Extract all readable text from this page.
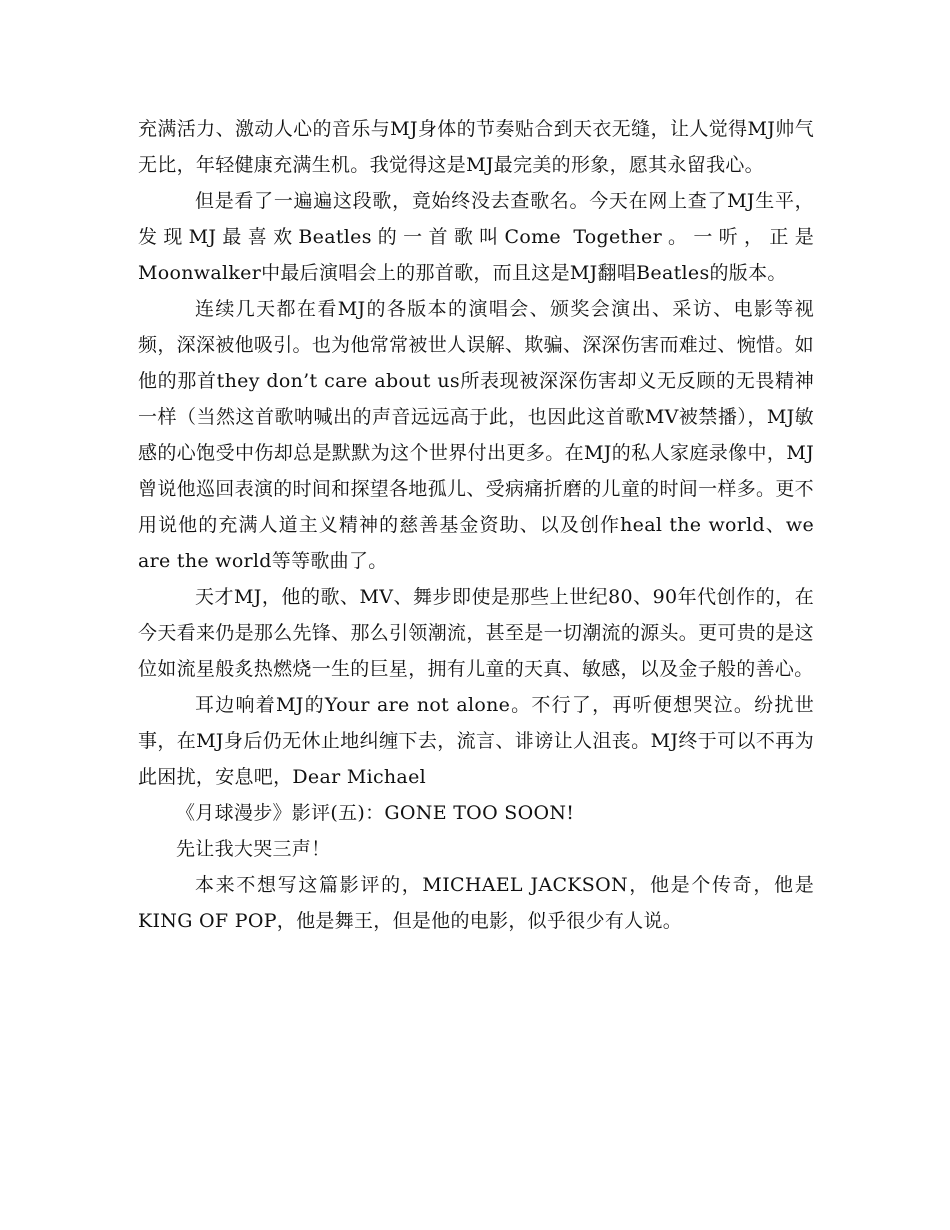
充满活力、激动人心的音乐与MJ身体的节奏贴合到天衣无缝，让人觉得MJ帅气无比，年轻健康充满生机。我觉得这是MJ最完美的形象，愿其永留我心。

但是看了一遍遍这段歌，竟始终没去查歌名。今天在网上查了MJ生平，发现MJ最喜欢Beatles的一首歌叫Come Together。一听，正是Moonwalker中最后演唱会上的那首歌，而且这是MJ翻唱Beatles的版本。

连续几天都在看MJ的各版本的演唱会、颁奖会演出、采访、电影等视频，深深被他吸引。也为他常常被世人误解、欺骗、深深伤害而难过、惋惜。如他的那首they don’t care about us所表现被深深伤害却义无反顾的无畏精神一样（当然这首歌呐喊出的声音远远高于此，也因此这首歌MV被禁播），MJ敏感的心饱受中伤却总是默默为这个世界付出更多。在MJ的私人家庭录像中，MJ曾说他巡回表演的时间和探望各地孤儿、受病痛折磨的儿童的时间一样多。更不用说他的充满人道主义精神的慈善基金资助、以及创作heal the world、we are the world等等歌曲了。

天才MJ，他的歌、MV、舞步即使是那些上世纪80、90年代创作的，在今天看来仍是那么先锋、那么引领潮流，甚至是一切潮流的源头。更可贵的是这位如流星般炙热燃烧一生的巨星，拥有儿童的天真、敏感，以及金子般的善心。

耳边响着MJ的Your are not alone。不行了，再听便想哭泣。纷扰世事，在MJ身后仍无休止地纠缠下去，流言、诽谤让人沮丧。MJ终于可以不再为此困扰，安息吧，Dear Michael

《月球漫步》影评(五)：GONE TOO SOON!

先让我大哭三声！

本来不想写这篇影评的，MICHAEL JACKSON，他是个传奇，他是KING OF POP，他是舞王，但是他的电影，似乎很少有人说。
